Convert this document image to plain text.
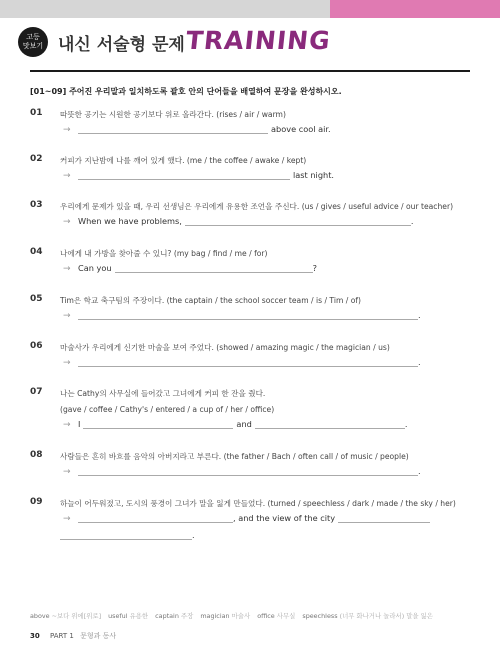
고등
맛보기 내신 서술형 문제 TRAINING
[01~09] 주어진 우리말과 일치하도록 괄호 안의 단어들을 배열하여 문장을 완성하시오.
01 따뜻한 공기는 시원한 공기보다 위로 올라간다. (rises / air / warm)
→	above cool air.
02 커피가 지난밤에 나를 깨어 있게 했다. (me / the coffee / awake / kept)
→	last night.
03 우리에게 문제가 있을 때, 우리 선생님은 우리에게 유용한 조언을 주신다. (us / gives / useful advice / our teacher)
→ When we have problems,	.
04 나에게 내 가방을 찾아줄 수 있니? (my bag / find / me / for)
→ Can you	?
05 Tim은 학교 축구팀의 주장이다. (the captain / the school soccer team / is / Tim / of)
→	.
06 마술사가 우리에게 신기한 마술을 보여 주었다. (showed / amazing magic / the magician / us)
→	.
07 나는 Cathy의 사무실에 들어갔고 그녀에게 커피 한 잔을 줬다.
(gave / coffee / Cathy's / entered / a cup of / her / office)
→ I	and	.
08 사람들은 흔히 바흐를 음악의 아버지라고 부른다. (the father / Bach / often call / of music / people)
→	.
09 하늘이 어두워졌고, 도시의 풍경이 그녀가 말을 잃게 만들었다. (turned / speechless / dark / made / the sky / her)
→	, and the view of the city
.
above ~보다 위에[위로] useful 유용한 captain 주장 magician 마술사 office 사무실 speechless (너무 화나거나 놀라서) 말을 잃은
30 PART 1 문형과 동사
